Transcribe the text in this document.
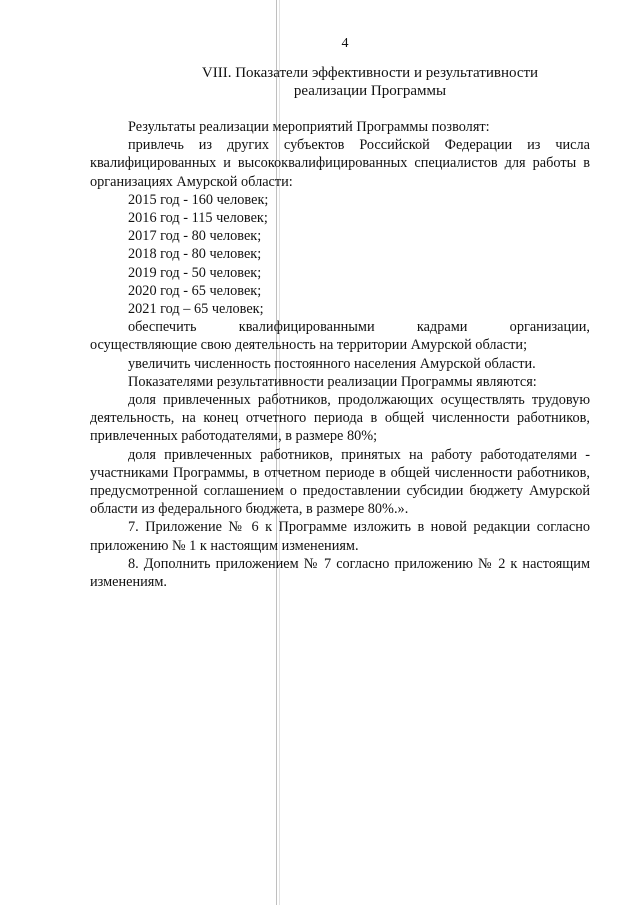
4
VIII. Показатели эффективности и результативности
реализации Программы

Результаты реализации мероприятий Программы позволят:

привлечь из других субъектов Российской Федерации из числа квалифицированных и высококвалифицированных специалистов для работы в организациях Амурской области:

2015 год - 160 человек;

2016 год - 115 человек;

2017 год - 80 человек;

2018 год - 80 человек;

2019 год - 50 человек;

2020 год - 65 человек;

2021 год – 65 человек;

обеспечить квалифицированными кадрами организации,

осуществляющие свою деятельность на территории Амурской области;

увеличить численность постоянного населения Амурской области.

Показателями результативности реализации Программы являются:

доля привлеченных работников, продолжающих осуществлять трудовую деятельность, на конец отчетного периода в общей численности работников, привлеченных работодателями, в размере 80%;

доля привлеченных работников, принятых на работу работодателями - участниками Программы, в отчетном периоде в общей численности работников, предусмотренной соглашением о предоставлении субсидии бюджету Амурской области из федерального бюджета, в размере 80%.».

7. Приложение № 6 к Программе изложить в новой редакции согласно приложению № 1 к настоящим изменениям.

8. Дополнить приложением № 7 согласно приложению № 2 к настоящим изменениям.
